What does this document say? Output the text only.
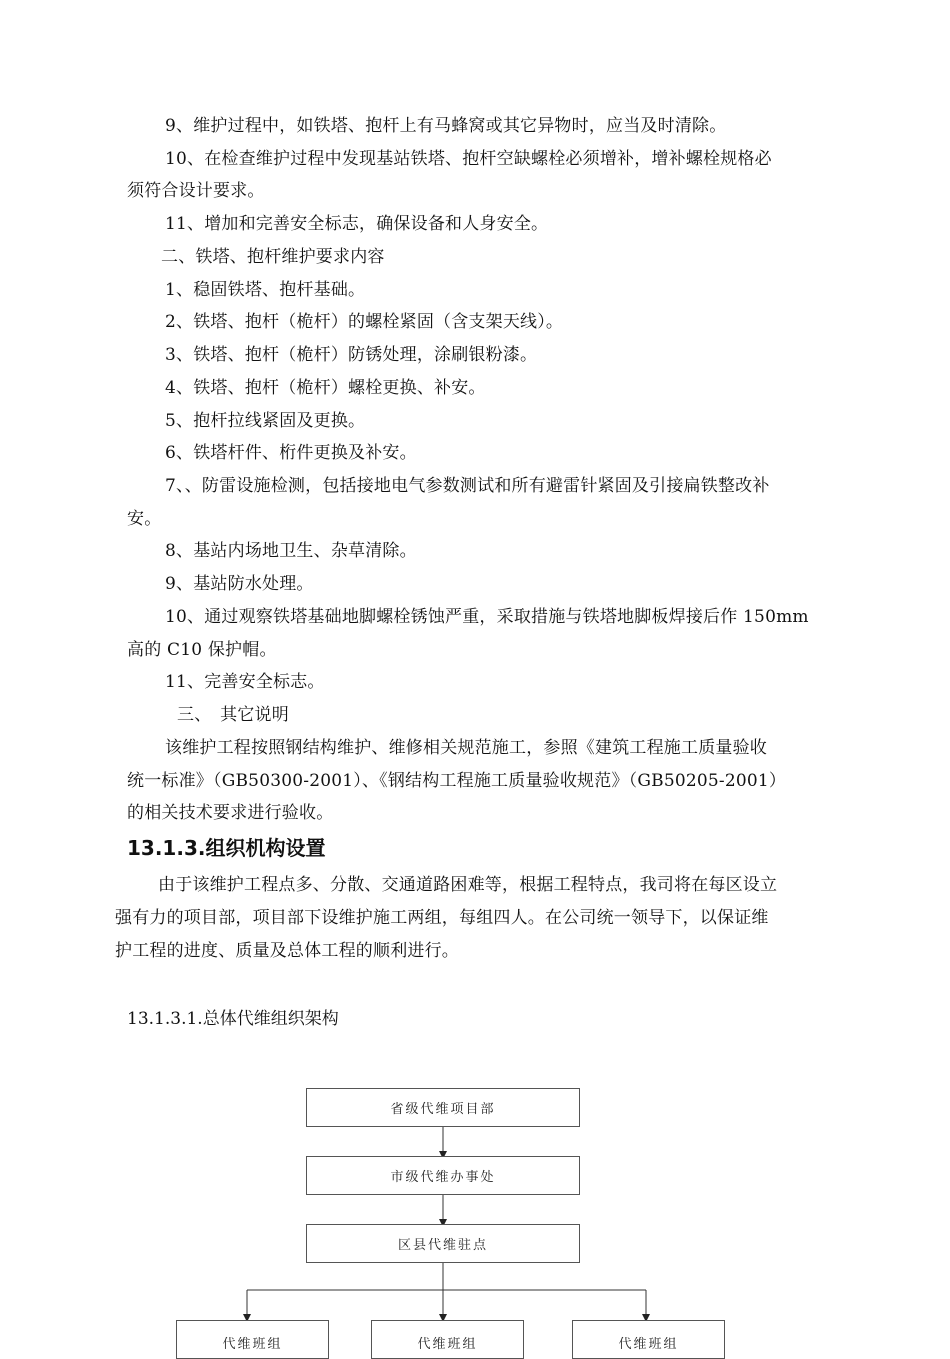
9、维护过程中，如铁塔、抱杆上有马蜂窝或其它异物时，应当及时清除。
10、在检查维护过程中发现基站铁塔、抱杆空缺螺栓必须增补，增补螺栓规格必
须符合设计要求。
11、增加和完善安全标志，确保设备和人身安全。
二、铁塔、抱杆维护要求内容
1、稳固铁塔、抱杆基础。
2、铁塔、抱杆（桅杆）的螺栓紧固（含支架天线）。
3、铁塔、抱杆（桅杆）防锈处理，涂刷银粉漆。
4、铁塔、抱杆（桅杆）螺栓更换、补安。
5、抱杆拉线紧固及更换。
6、铁塔杆件、桁件更换及补安。
7、、防雷设施检测，包括接地电气参数测试和所有避雷针紧固及引接扁铁整改补
安。
8、基站内场地卫生、杂草清除。
9、基站防水处理。
10、通过观察铁塔基础地脚螺栓锈蚀严重，采取措施与铁塔地脚板焊接后作 150mm
高的 C10 保护帽。
11、完善安全标志。
三、　其它说明
该维护工程按照钢结构维护、维修相关规范施工，参照《建筑工程施工质量验收
统一标准》（GB50300-2001）、《钢结构工程施工质量验收规范》（GB50205-2001）
的相关技术要求进行验收。
13.1.3.组织机构设置
由于该维护工程点多、分散、交通道路困难等，根据工程特点，我司将在每区设立
强有力的项目部，项目部下设维护施工两组，每组四人。在公司统一领导下，以保证维
护工程的进度、质量及总体工程的顺利进行。
13.1.3.1.总体代维组织架构
省级代维项目部
市级代维办事处
区县代维驻点
代维班组	代维班组	代维班组
